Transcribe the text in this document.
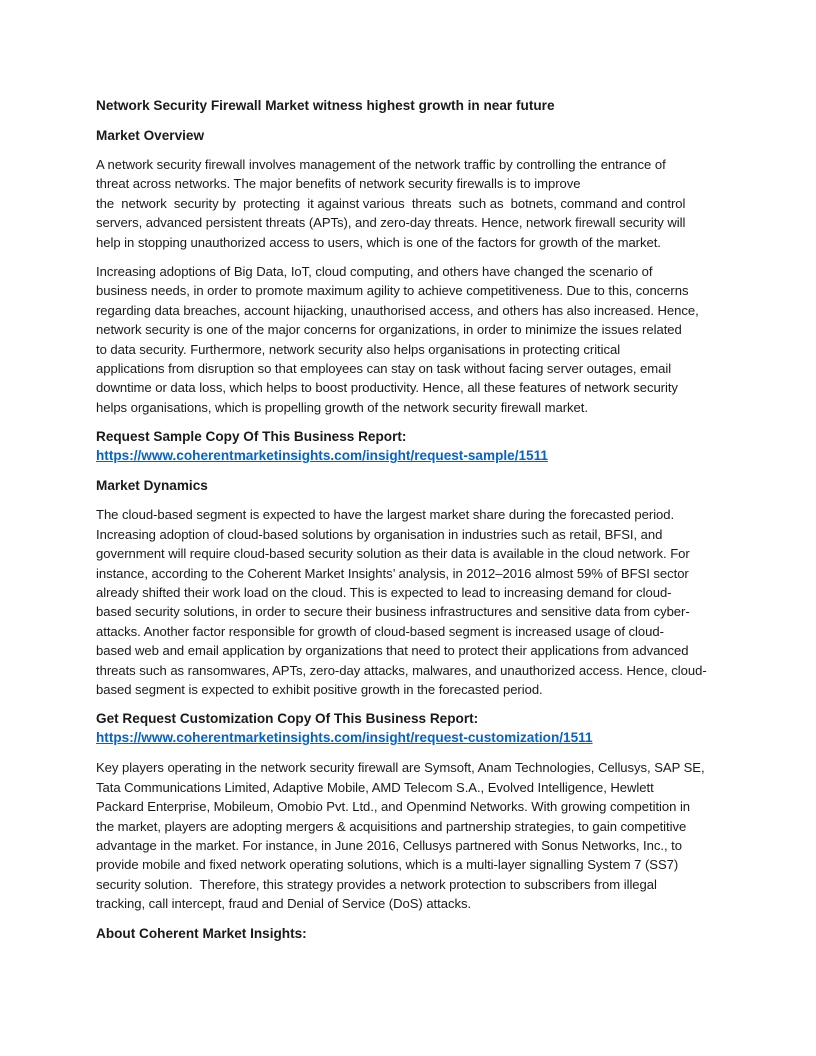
Network Security Firewall Market witness highest growth in near future
Market Overview
A network security firewall involves management of the network traffic by controlling the entrance of
threat across networks. The major benefits of network security firewalls is to improve
the  network  security by  protecting  it against various  threats  such as  botnets, command and control
servers, advanced persistent threats (APTs), and zero-day threats. Hence, network firewall security will
help in stopping unauthorized access to users, which is one of the factors for growth of the market.
Increasing adoptions of Big Data, IoT, cloud computing, and others have changed the scenario of
business needs, in order to promote maximum agility to achieve competitiveness. Due to this, concerns
regarding data breaches, account hijacking, unauthorised access, and others has also increased. Hence,
network security is one of the major concerns for organizations, in order to minimize the issues related
to data security. Furthermore, network security also helps organisations in protecting critical
applications from disruption so that employees can stay on task without facing server outages, email
downtime or data loss, which helps to boost productivity. Hence, all these features of network security
helps organisations, which is propelling growth of the network security firewall market.
Request Sample Copy Of This Business Report:
https://www.coherentmarketinsights.com/insight/request-sample/1511
Market Dynamics
The cloud-based segment is expected to have the largest market share during the forecasted period.
Increasing adoption of cloud-based solutions by organisation in industries such as retail, BFSI, and
government will require cloud-based security solution as their data is available in the cloud network. For
instance, according to the Coherent Market Insights’ analysis, in 2012–2016 almost 59% of BFSI sector
already shifted their work load on the cloud. This is expected to lead to increasing demand for cloud-
based security solutions, in order to secure their business infrastructures and sensitive data from cyber-
attacks. Another factor responsible for growth of cloud-based segment is increased usage of cloud-
based web and email application by organizations that need to protect their applications from advanced
threats such as ransomwares, APTs, zero-day attacks, malwares, and unauthorized access. Hence, cloud-
based segment is expected to exhibit positive growth in the forecasted period.
Get Request Customization Copy Of This Business Report:
https://www.coherentmarketinsights.com/insight/request-customization/1511
Key players operating in the network security firewall are Symsoft, Anam Technologies, Cellusys, SAP SE,
Tata Communications Limited, Adaptive Mobile, AMD Telecom S.A., Evolved Intelligence, Hewlett
Packard Enterprise, Mobileum, Omobio Pvt. Ltd., and Openmind Networks. With growing competition in
the market, players are adopting mergers & acquisitions and partnership strategies, to gain competitive
advantage in the market. For instance, in June 2016, Cellusys partnered with Sonus Networks, Inc., to
provide mobile and fixed network operating solutions, which is a multi-layer signalling System 7 (SS7)
security solution.  Therefore, this strategy provides a network protection to subscribers from illegal
tracking, call intercept, fraud and Denial of Service (DoS) attacks.
About Coherent Market Insights:
